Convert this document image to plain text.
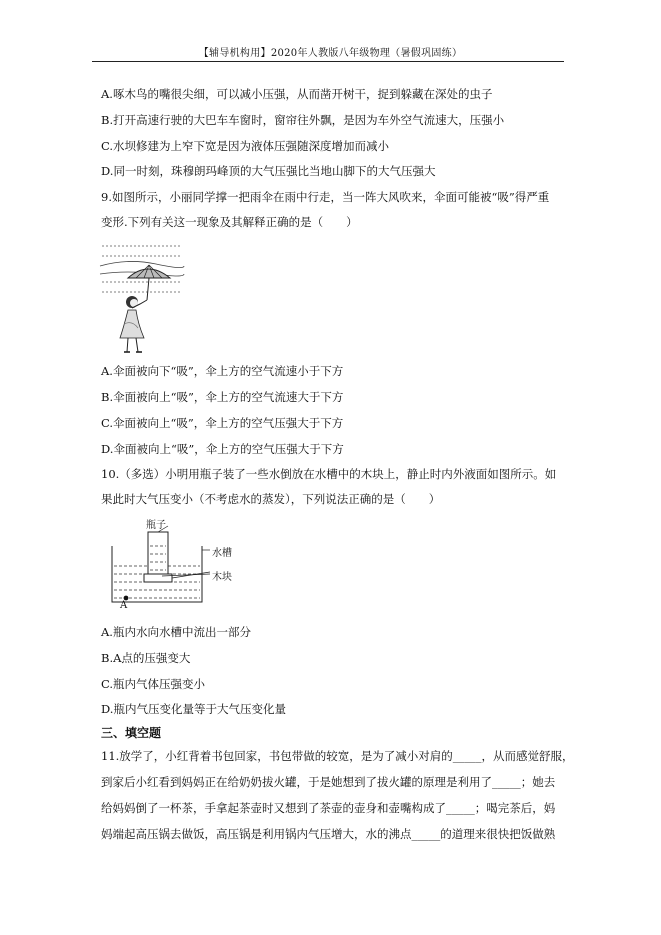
【辅导机构用】2020年人教版八年级物理（暑假巩固练）
A.啄木鸟的嘴很尖细，可以减小压强，从而凿开树干，捉到躲藏在深处的虫子
B.打开高速行驶的大巴车车窗时，窗帘往外飘，是因为车外空气流速大，压强小
C.水坝修建为上窄下宽是因为液体压强随深度增加而减小
D.同一时刻，珠穆朗玛峰顶的大气压强比当地山脚下的大气压强大
9.如图所示，小丽同学撑一把雨伞在雨中行走，当一阵大风吹来，伞面可能被“吸”得严重
变形.下列有关这一现象及其解释正确的是（　　）
A.伞面被向下“吸”，伞上方的空气流速小于下方
B.伞面被向上“吸”，伞上方的空气流速大于下方
C.伞面被向上“吸”，伞上方的空气压强大于下方
D.伞面被向上“吸”，伞上方的空气压强大于下方
10.（多选）小明用瓶子装了一些水倒放在水槽中的木块上，静止时内外液面如图所示。如
果此时大气压变小（不考虑水的蒸发），下列说法正确的是（　　）
瓶子
水槽
木块
A
A.瓶内水向水槽中流出一部分
B.A点的压强变大
C.瓶内气体压强变小
D.瓶内气压变化量等于大气压变化量
三、填空题
11.放学了，小红背着书包回家，书包带做的较宽，是为了减小对肩的_____，从而感觉舒服，
到家后小红看到妈妈正在给奶奶拔火罐，于是她想到了拔火罐的原理是利用了_____；她去
给妈妈倒了一杯茶，手拿起茶壶时又想到了茶壶的壶身和壶嘴构成了_____；喝完茶后，妈
妈端起高压锅去做饭，高压锅是利用锅内气压增大，水的沸点_____的道理来很快把饭做熟
